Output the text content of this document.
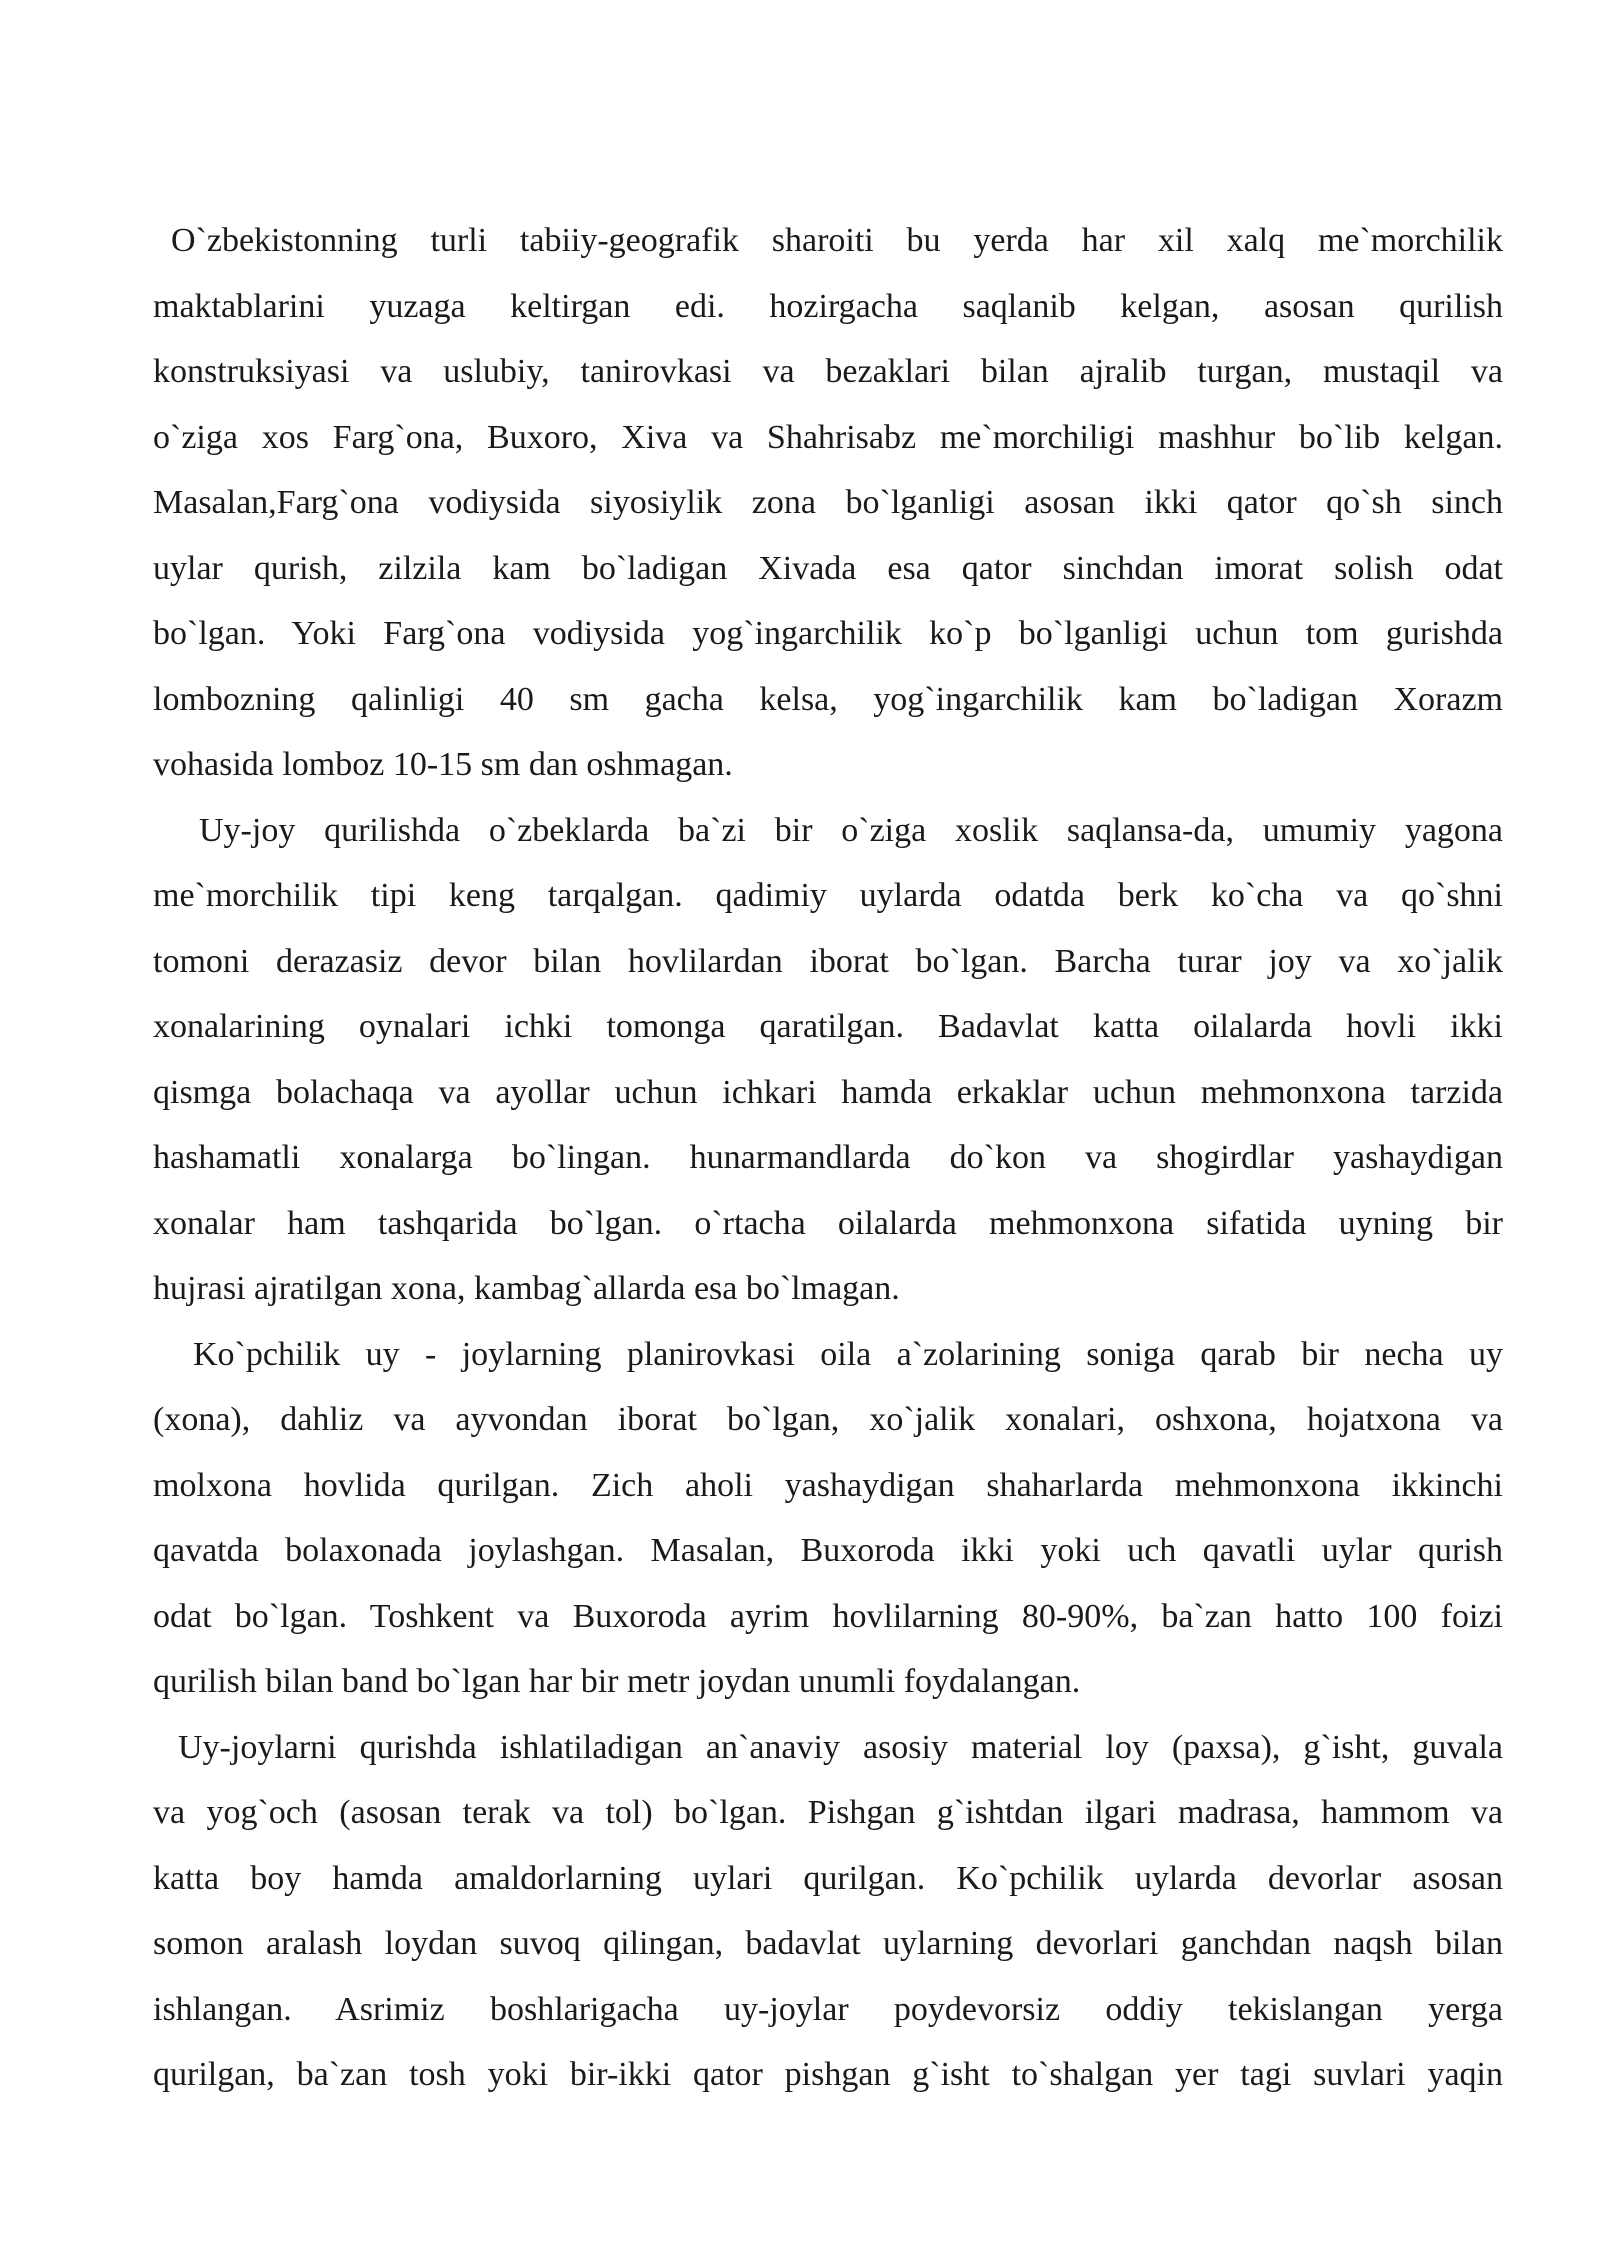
O`zbekistonning turli tabiiy-geografik sharoiti bu yerda har xil xalq me`morchilik
maktablarini yuzaga keltirgan edi. hozirgacha saqlanib kelgan, asosan qurilish
konstruksiyasi va uslubiy, tanirovkasi va bezaklari bilan ajralib turgan, mustaqil va
o`ziga xos Farg`ona, Buxoro, Xiva va Shahrisabz me`morchiligi mashhur bo`lib kelgan.
Masalan,Farg`ona vodiysida siyosiylik zona bo`lganligi asosan ikki qator qo`sh sinch
uylar qurish, zilzila kam bo`ladigan Xivada esa qator sinchdan imorat solish odat
bo`lgan. Yoki Farg`ona vodiysida yog`ingarchilik ko`p bo`lganligi uchun tom gurishda
lombozning qalinligi 40 sm gacha kelsa, yog`ingarchilik kam bo`ladigan Xorazm
vohasida lomboz 10-15 sm dan oshmagan.
Uy-joy qurilishda o`zbeklarda ba`zi bir o`ziga xoslik saqlansa-da, umumiy yagona
me`morchilik tipi keng tarqalgan. qadimiy uylarda odatda berk ko`cha va qo`shni
tomoni derazasiz devor bilan hovlilardan iborat bo`lgan. Barcha turar joy va xo`jalik
xonalarining oynalari ichki tomonga qaratilgan. Badavlat katta oilalarda hovli ikki
qismga bolachaqa va ayollar uchun ichkari hamda erkaklar uchun mehmonxona tarzida
hashamatli xonalarga bo`lingan. hunarmandlarda do`kon va shogirdlar yashaydigan
xonalar ham tashqarida bo`lgan. o`rtacha oilalarda mehmonxona sifatida uyning bir
hujrasi ajratilgan xona, kambag`allarda esa bo`lmagan.
Ko`pchilik uy - joylarning planirovkasi oila a`zolarining soniga qarab bir necha uy
(xona), dahliz va ayvondan iborat bo`lgan, xo`jalik xonalari, oshxona, hojatxona va
molxona hovlida qurilgan. Zich aholi yashaydigan shaharlarda mehmonxona ikkinchi
qavatda bolaxonada joylashgan. Masalan, Buxoroda ikki yoki uch qavatli uylar qurish
odat bo`lgan. Toshkent va Buxoroda ayrim hovlilarning 80-90%, ba`zan hatto 100 foizi
qurilish bilan band bo`lgan har bir metr joydan unumli foydalangan.
Uy-joylarni qurishda ishlatiladigan an`anaviy asosiy material loy (paxsa), g`isht, guvala
va yog`och (asosan terak va tol) bo`lgan. Pishgan g`ishtdan ilgari madrasa, hammom va
katta boy hamda amaldorlarning uylari qurilgan. Ko`pchilik uylarda devorlar asosan
somon aralash loydan suvoq qilingan, badavlat uylarning devorlari ganchdan naqsh bilan
ishlangan. Asrimiz boshlarigacha uy-joylar poydevorsiz oddiy tekislangan yerga
qurilgan, ba`zan tosh yoki bir-ikki qator pishgan g`isht to`shalgan yer tagi suvlari yaqin
